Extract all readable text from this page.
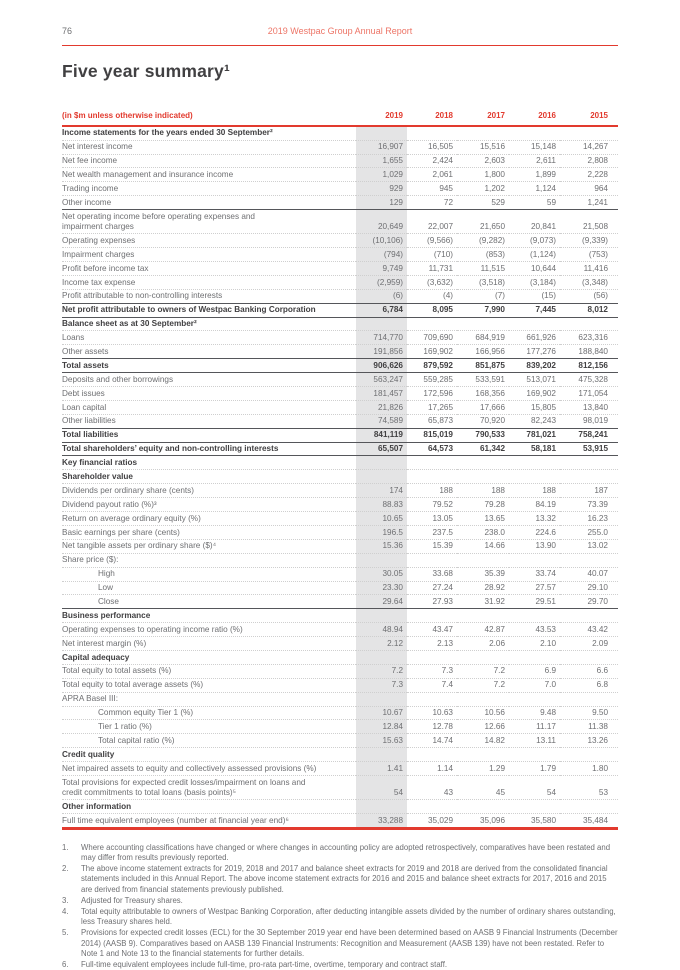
76	2019 Westpac Group Annual Report
Five year summary¹
(in $m unless otherwise indicated)	2019	2018	2017	2016	2015

Income statements for the years ended 30 September²

Net interest income	16,907	16,505	15,516	15,148	14,267

Net fee income	1,655	2,424	2,603	2,611	2,808

Net wealth management and insurance income	1,029	2,061	1,800	1,899	2,228

Trading income	929	945	1,202	1,124	964

Other income	129	72	529	59	1,241

Net operating income before operating expenses and
impairment charges	20,649	22,007	21,650	20,841	21,508

Operating expenses	(10,106)	(9,566)	(9,282)	(9,073)	(9,339)

Impairment charges	(794)	(710)	(853)	(1,124)	(753)

Profit before income tax	9,749	11,731	11,515	10,644	11,416

Income tax expense	(2,959)	(3,632)	(3,518)	(3,184)	(3,348)

Profit attributable to non-controlling interests	(6)	(4)	(7)	(15)	(56)

Net profit attributable to owners of Westpac Banking Corporation	6,784	8,095	7,990	7,445	8,012

Balance sheet as at 30 September²

Loans	714,770	709,690	684,919	661,926	623,316

Other assets	191,856	169,902	166,956	177,276	188,840

Total assets	906,626	879,592	851,875	839,202	812,156

Deposits and other borrowings	563,247	559,285	533,591	513,071	475,328

Debt issues	181,457	172,596	168,356	169,902	171,054

Loan capital	21,826	17,265	17,666	15,805	13,840

Other liabilities	74,589	65,873	70,920	82,243	98,019

Total liabilities	841,119	815,019	790,533	781,021	758,241

Total shareholders’ equity and non-controlling interests	65,507	64,573	61,342	58,181	53,915

Key financial ratios

Shareholder value

Dividends per ordinary share (cents)	174	188	188	188	187

Dividend payout ratio (%)³	88.83	79.52	79.28	84.19	73.39

Return on average ordinary equity (%)	10.65	13.05	13.65	13.32	16.23

Basic earnings per share (cents)	196.5	237.5	238.0	224.6	255.0

Net tangible assets per ordinary share ($)⁴	15.36	15.39	14.66	13.90	13.02

Share price ($):

High	30.05	33.68	35.39	33.74	40.07

Low	23.30	27.24	28.92	27.57	29.10

Close	29.64	27.93	31.92	29.51	29.70

Business performance

Operating expenses to operating income ratio (%)	48.94	43.47	42.87	43.53	43.42

Net interest margin (%)	2.12	2.13	2.06	2.10	2.09

Capital adequacy

Total equity to total assets (%)	7.2	7.3	7.2	6.9	6.6

Total equity to total average assets (%)	7.3	7.4	7.2	7.0	6.8

APRA Basel III:

Common equity Tier 1 (%)	10.67	10.63	10.56	9.48	9.50

Tier 1 ratio (%)	12.84	12.78	12.66	11.17	11.38

Total capital ratio (%)	15.63	14.74	14.82	13.11	13.26

Credit quality

Net impaired assets to equity and collectively assessed provisions (%)	1.41	1.14	1.29	1.79	1.80

Total provisions for expected credit losses/impairment on loans and
credit commitments to total loans (basis points)⁵	54	43	45	54	53

Other information

Full time equivalent employees (number at financial year end)⁶	33,288	35,029	35,096	35,580	35,484
1.	Where accounting classifications have changed or where changes in accounting policy are adopted retrospectively, comparatives have been restated and may differ from results previously reported.
2.	The above income statement extracts for 2019, 2018 and 2017 and balance sheet extracts for 2019 and 2018 are derived from the consolidated financial statements included in this Annual Report. The above income statement extracts for 2016 and 2015 and balance sheet extracts for 2017, 2016 and 2015 are derived from financial statements previously published.
3.	Adjusted for Treasury shares.
4.	Total equity attributable to owners of Westpac Banking Corporation, after deducting intangible assets divided by the number of ordinary shares outstanding, less Treasury shares held.
5.	Provisions for expected credit losses (ECL) for the 30 September 2019 year end have been determined based on AASB 9 Financial Instruments (December 2014) (AASB 9). Comparatives based on AASB 139 Financial Instruments: Recognition and Measurement (AASB 139) have not been restated. Refer to Note 1 and Note 13 to the financial statements for further details.
6.	Full-time equivalent employees include full-time, pro-rata part-time, overtime, temporary and contract staff.
